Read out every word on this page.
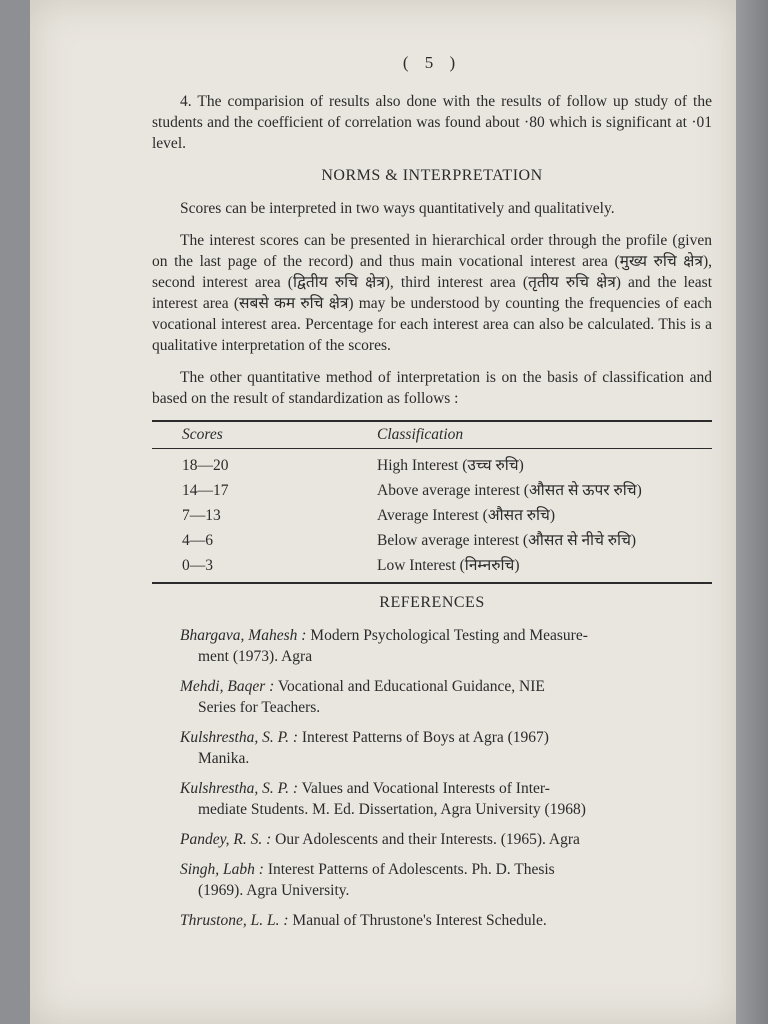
( 5 )

4. The comparision of results also done with the results of follow up study of the students and the coefficient of correlation was found about ·80 which is significant at ·01 level.

NORMS & INTERPRETATION

Scores can be interpreted in two ways quantitatively and qualitatively.

The interest scores can be presented in hierarchical order through the profile (given on the last page of the record) and thus main vocational interest area (मुख्य रुचि क्षेत्र), second interest area (द्वितीय रुचि क्षेत्र), third interest area (तृतीय रुचि क्षेत्र) and the least interest area (सबसे कम रुचि क्षेत्र) may be understood by counting the frequencies of each vocational interest area. Percentage for each interest area can also be calculated. This is a qualitative interpretation of the scores.

The other quantitative method of interpretation is on the basis of classification and based on the result of standardization as follows :

Scores	Classification
18—20	High Interest (उच्च रुचि)
14—17	Above average interest (औसत से ऊपर रुचि)
7—13	Average Interest (औसत रुचि)
4—6	Below average interest (औसत से नीचे रुचि)
0—3	Low Interest (निम्नरुचि)
REFERENCES
Bhargava, Mahesh : Modern Psychological Testing and Measure-
ment (1973). Agra
Mehdi, Baqer : Vocational and Educational Guidance, NIE
Series for Teachers.
Kulshrestha, S. P. : Interest Patterns of Boys at Agra (1967)
Manika.
Kulshrestha, S. P. : Values and Vocational Interests of Inter-
mediate Students. M. Ed. Dissertation, Agra University (1968)
Pandey, R. S. : Our Adolescents and their Interests. (1965). Agra
Singh, Labh : Interest Patterns of Adolescents. Ph. D. Thesis
(1969). Agra University.
Thrustone, L. L. : Manual of Thrustone's Interest Schedule.
